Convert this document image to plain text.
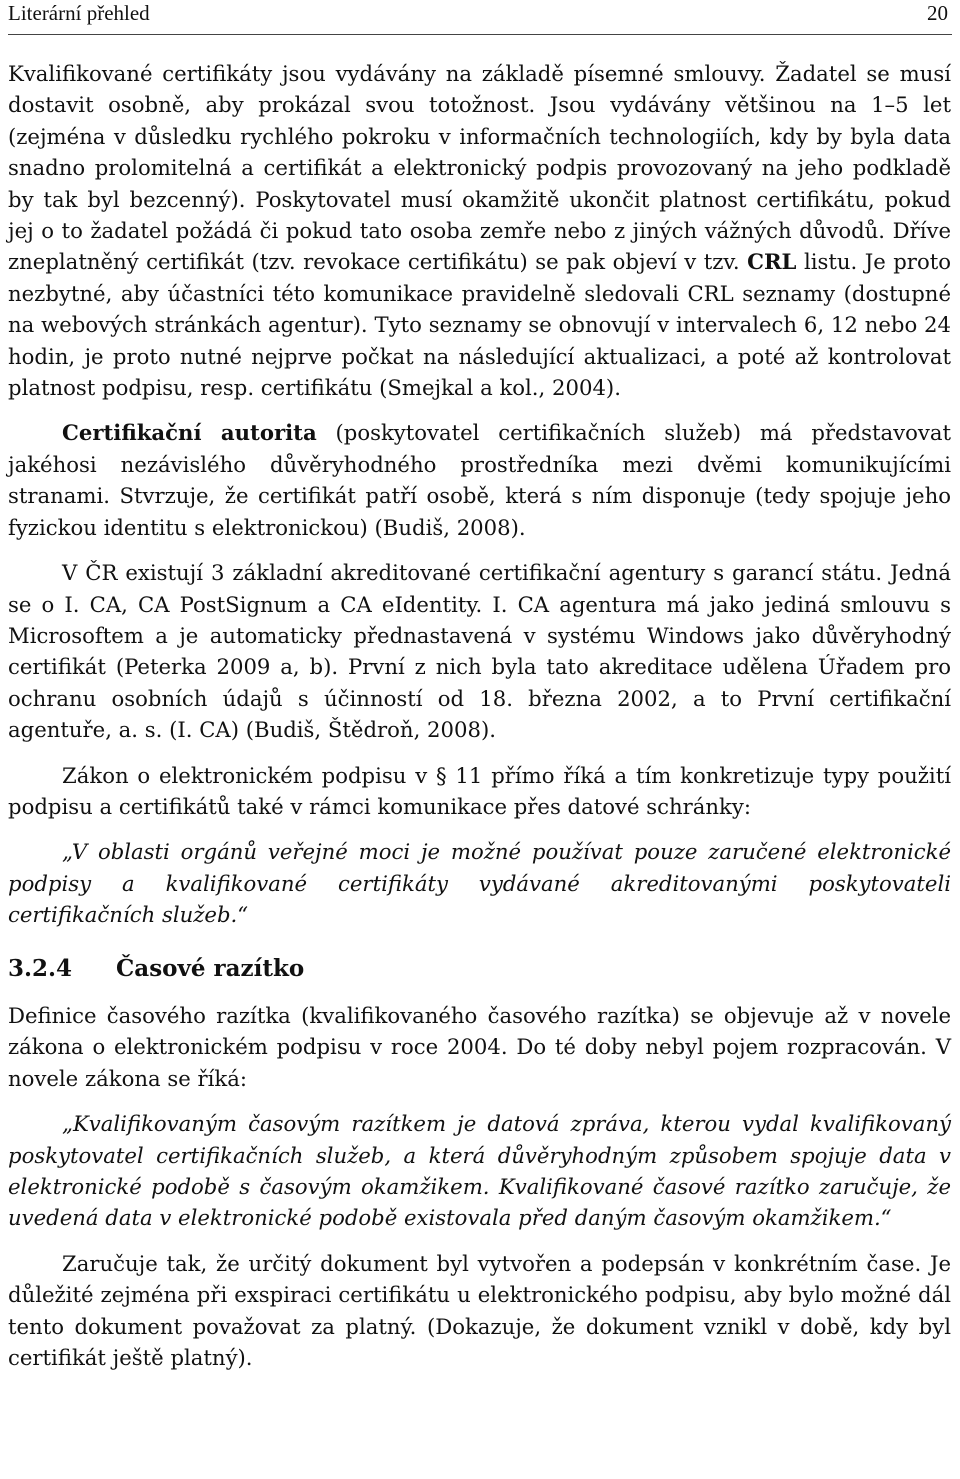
Literární přehled	20

Kvalifikované certifikáty jsou vydávány na základě písemné smlouvy. Žadatel se musí dostavit osobně, aby prokázal svou totožnost. Jsou vydávány většinou na 1–5 let (zejména v důsledku rychlého pokroku v informačních technologiích, kdy by byla data snadno prolomitelná a certifikát a elektronický podpis provozovaný na jeho podkladě by tak byl bezcenný). Poskytovatel musí okamžitě ukončit platnost certifikátu, pokud jej o to žadatel požádá či pokud tato osoba zemře nebo z jiných vážných důvodů. Dříve zneplatněný certifikát (tzv. revokace certifikátu) se pak objeví v tzv. CRL listu. Je proto nezbytné, aby účastníci této komunikace pravidelně sledovali CRL seznamy (dostupné na webových stránkách agentur). Tyto seznamy se obnovují v intervalech 6, 12 nebo 24 hodin, je proto nutné nejprve počkat na následující aktualizaci, a poté až kontrolovat platnost podpisu, resp. certifikátu (Smejkal a kol., 2004).

Certifikační autorita (poskytovatel certifikačních služeb) má představovat jakéhosi nezávislého důvěryhodného prostředníka mezi dvěmi komunikujícími stranami. Stvrzuje, že certifikát patří osobě, která s ním disponuje (tedy spojuje jeho fyzickou identitu s elektronickou) (Budiš, 2008).

V ČR existují 3 základní akreditované certifikační agentury s garancí státu. Jedná se o I. CA, CA PostSignum a CA eIdentity. I. CA agentura má jako jediná smlouvu s Microsoftem a je automaticky přednastavená v systému Windows jako důvěryhodný certifikát (Peterka 2009 a, b). První z nich byla tato akreditace udělena Úřadem pro ochranu osobních údajů s účinností od 18. března 2002, a to První certifikační agentuře, a. s. (I. CA) (Budiš, Štědroň, 2008).

Zákon o elektronickém podpisu v § 11 přímo říká a tím konkretizuje typy použití podpisu a certifikátů také v rámci komunikace přes datové schránky:

„V oblasti orgánů veřejné moci je možné používat pouze zaručené elektronické podpisy a kvalifikované certifikáty vydávané akreditovanými poskytovateli certifikačních služeb.“

3.2.4	Časové razítko

Definice časového razítka (kvalifikovaného časového razítka) se objevuje až v novele zákona o elektronickém podpisu v roce 2004. Do té doby nebyl pojem rozpracován. V novele zákona se říká:

„Kvalifikovaným časovým razítkem je datová zpráva, kterou vydal kvalifikovaný poskytovatel certifikačních služeb, a která důvěryhodným způsobem spojuje data v elektronické podobě s časovým okamžikem. Kvalifikované časové razítko zaručuje, že uvedená data v elektronické podobě existovala před daným časovým okamžikem.“

Zaručuje tak, že určitý dokument byl vytvořen a podepsán v konkrétním čase. Je důležité zejména při exspiraci certifikátu u elektronického podpisu, aby bylo možné dál tento dokument považovat za platný. (Dokazuje, že dokument vznikl v době, kdy byl certifikát ještě platný).
